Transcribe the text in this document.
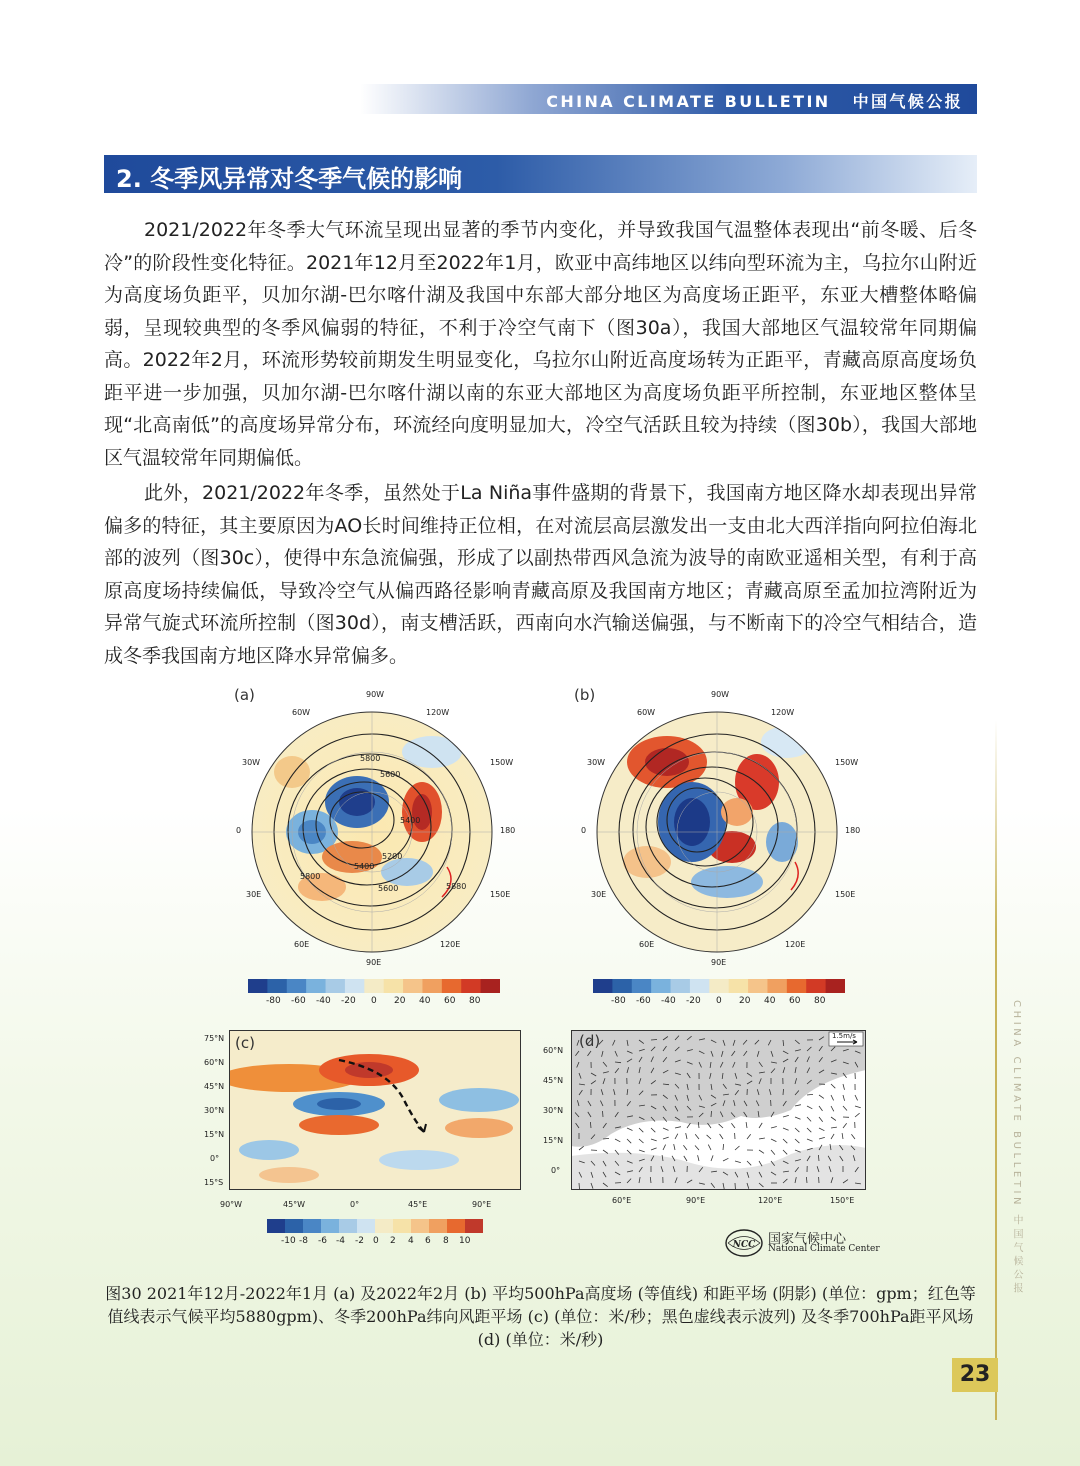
CHINA CLIMATE BULLETIN 中国气候公报
2. 冬季风异常对冬季气候的影响
2021/2022年冬季大气环流呈现出显著的季节内变化，并导致我国气温整体表现出“前冬暖、后冬冷”的阶段性变化特征。2021年12月至2022年1月，欧亚中高纬地区以纬向型环流为主，乌拉尔山附近为高度场负距平，贝加尔湖-巴尔喀什湖及我国中东部大部分地区为高度场正距平，东亚大槽整体略偏弱，呈现较典型的冬季风偏弱的特征，不利于冷空气南下（图30a），我国大部地区气温较常年同期偏高。2022年2月，环流形势较前期发生明显变化，乌拉尔山附近高度场转为正距平，青藏高原高度场负距平进一步加强，贝加尔湖-巴尔喀什湖以南的东亚大部地区为高度场负距平所控制，东亚地区整体呈现“北高南低”的高度场异常分布，环流经向度明显加大，冷空气活跃且较为持续（图30b），我国大部地区气温较常年同期偏低。
此外，2021/2022年冬季，虽然处于La Niña事件盛期的背景下，我国南方地区降水却表现出异常偏多的特征，其主要原因为AO长时间维持正位相，在对流层高层激发出一支由北大西洋指向阿拉伯海北部的波列（图30c），使得中东急流偏强，形成了以副热带西风急流为波导的南欧亚遥相关型，有利于高原高度场持续偏低，导致冷空气从偏西路径影响青藏高原及我国南方地区；青藏高原至孟加拉湾附近为异常气旋式环流所控制（图30d），南支槽活跃，西南向水汽输送偏强，与不断南下的冷空气相结合，造成冬季我国南方地区降水异常偏多。
(a)	(b)
90W
120W
150W
180
150E
120E
90E
60E
30E
0
30W
60W
5800
5600
5400
5200
5400
5600
5800
5880
90W
120W
150W
180
150E
120E
90E
60E
30E
0
30W
60W
-80 -60 -40 -20 0 20 40 60 80	-80 -60 -40 -20 0 20 40 60 80
(c)
75°N
60°N
45°N
30°N
15°N
0°
15°S
90°W	45°W	0°	45°E	90°E
-10 -8 -6 -4 -2 0 2 4 6 8 10
(d)	1.5m/s
60°N
45°N
30°N
15°N
0°
60°E	90°E	120°E	150°E
NCC 国家气候中心
National Climate Center
图30 2021年12月-2022年1月 (a) 及2022年2月 (b) 平均500hPa高度场 (等值线) 和距平场 (阴影) (单位：gpm；红色等值线表示气候平均5880gpm)、冬季200hPa纬向风距平场 (c) (单位：米/秒；黑色虚线表示波列) 及冬季700hPa距平风场 (d) (单位：米/秒)
CHINA CLIMATE BULLETIN 中国气候公报
23
